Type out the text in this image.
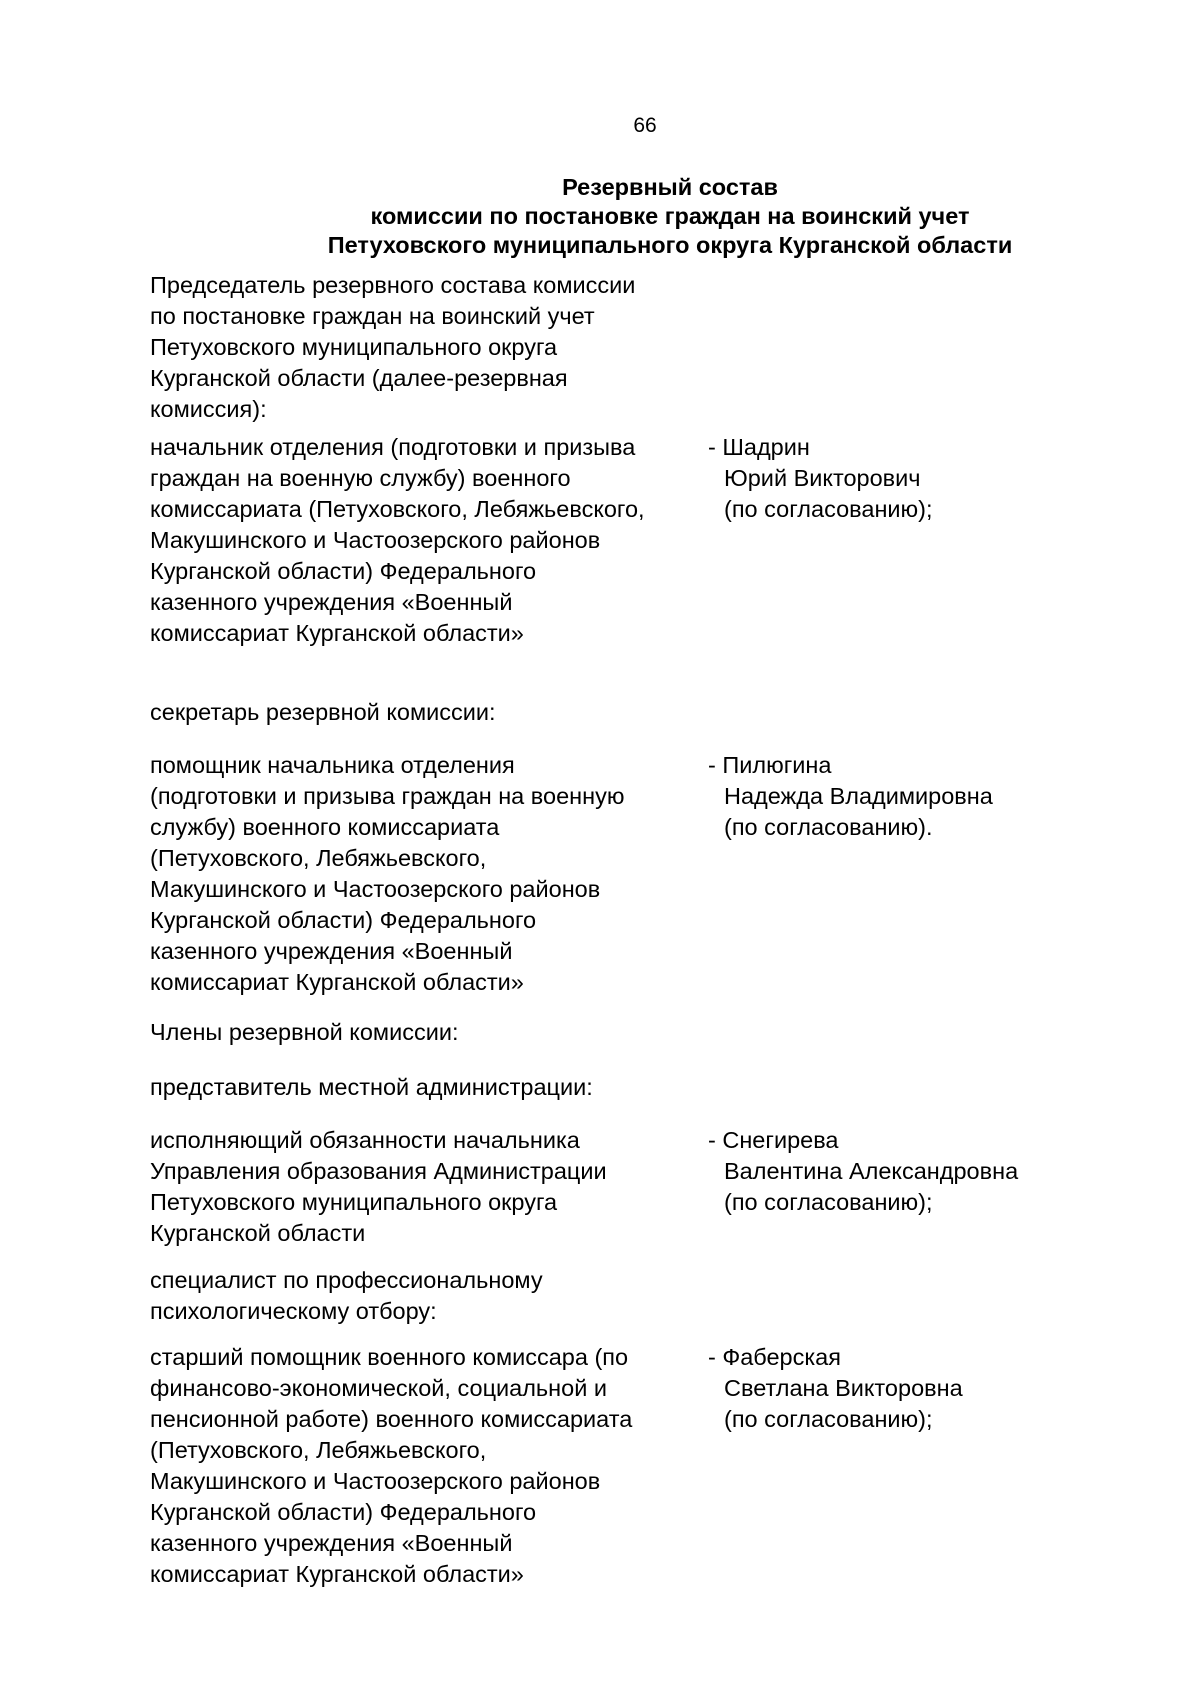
66
Резервный состав
комиссии по постановке граждан на воинский учет
Петуховского муниципального округа Курганской области
Председатель резервного состава комиссии
по постановке граждан на воинский учет
Петуховского муниципального округа
Курганской области (далее-резервная
комиссия):
начальник отделения (подготовки и призыва
граждан на военную службу) военного
комиссариата (Петуховского, Лебяжьевского,
Макушинского и Частоозерского районов
Курганской области) Федерального
казенного учреждения «Военный
комиссариат Курганской области»
- Шадрин
Юрий Викторович
(по согласованию);
секретарь резервной комиссии:
помощник начальника отделения
(подготовки и призыва граждан на военную
службу) военного комиссариата
(Петуховского, Лебяжьевского,
Макушинского и Частоозерского районов
Курганской области) Федерального
казенного учреждения «Военный
комиссариат Курганской области»
- Пилюгина
Надежда Владимировна
(по согласованию).
Члены резервной комиссии:
представитель местной администрации:
исполняющий обязанности начальника
Управления образования Администрации
Петуховского муниципального округа
Курганской области
- Снегирева
Валентина Александровна
(по согласованию);
специалист по профессиональному
психологическому отбору:
старший помощник военного комиссара (по
финансово-экономической, социальной и
пенсионной работе) военного комиссариата
(Петуховского, Лебяжьевского,
Макушинского и Частоозерского районов
Курганской области) Федерального
казенного учреждения «Военный
комиссариат Курганской области»
- Фаберская
Светлана Викторовна
(по согласованию);
